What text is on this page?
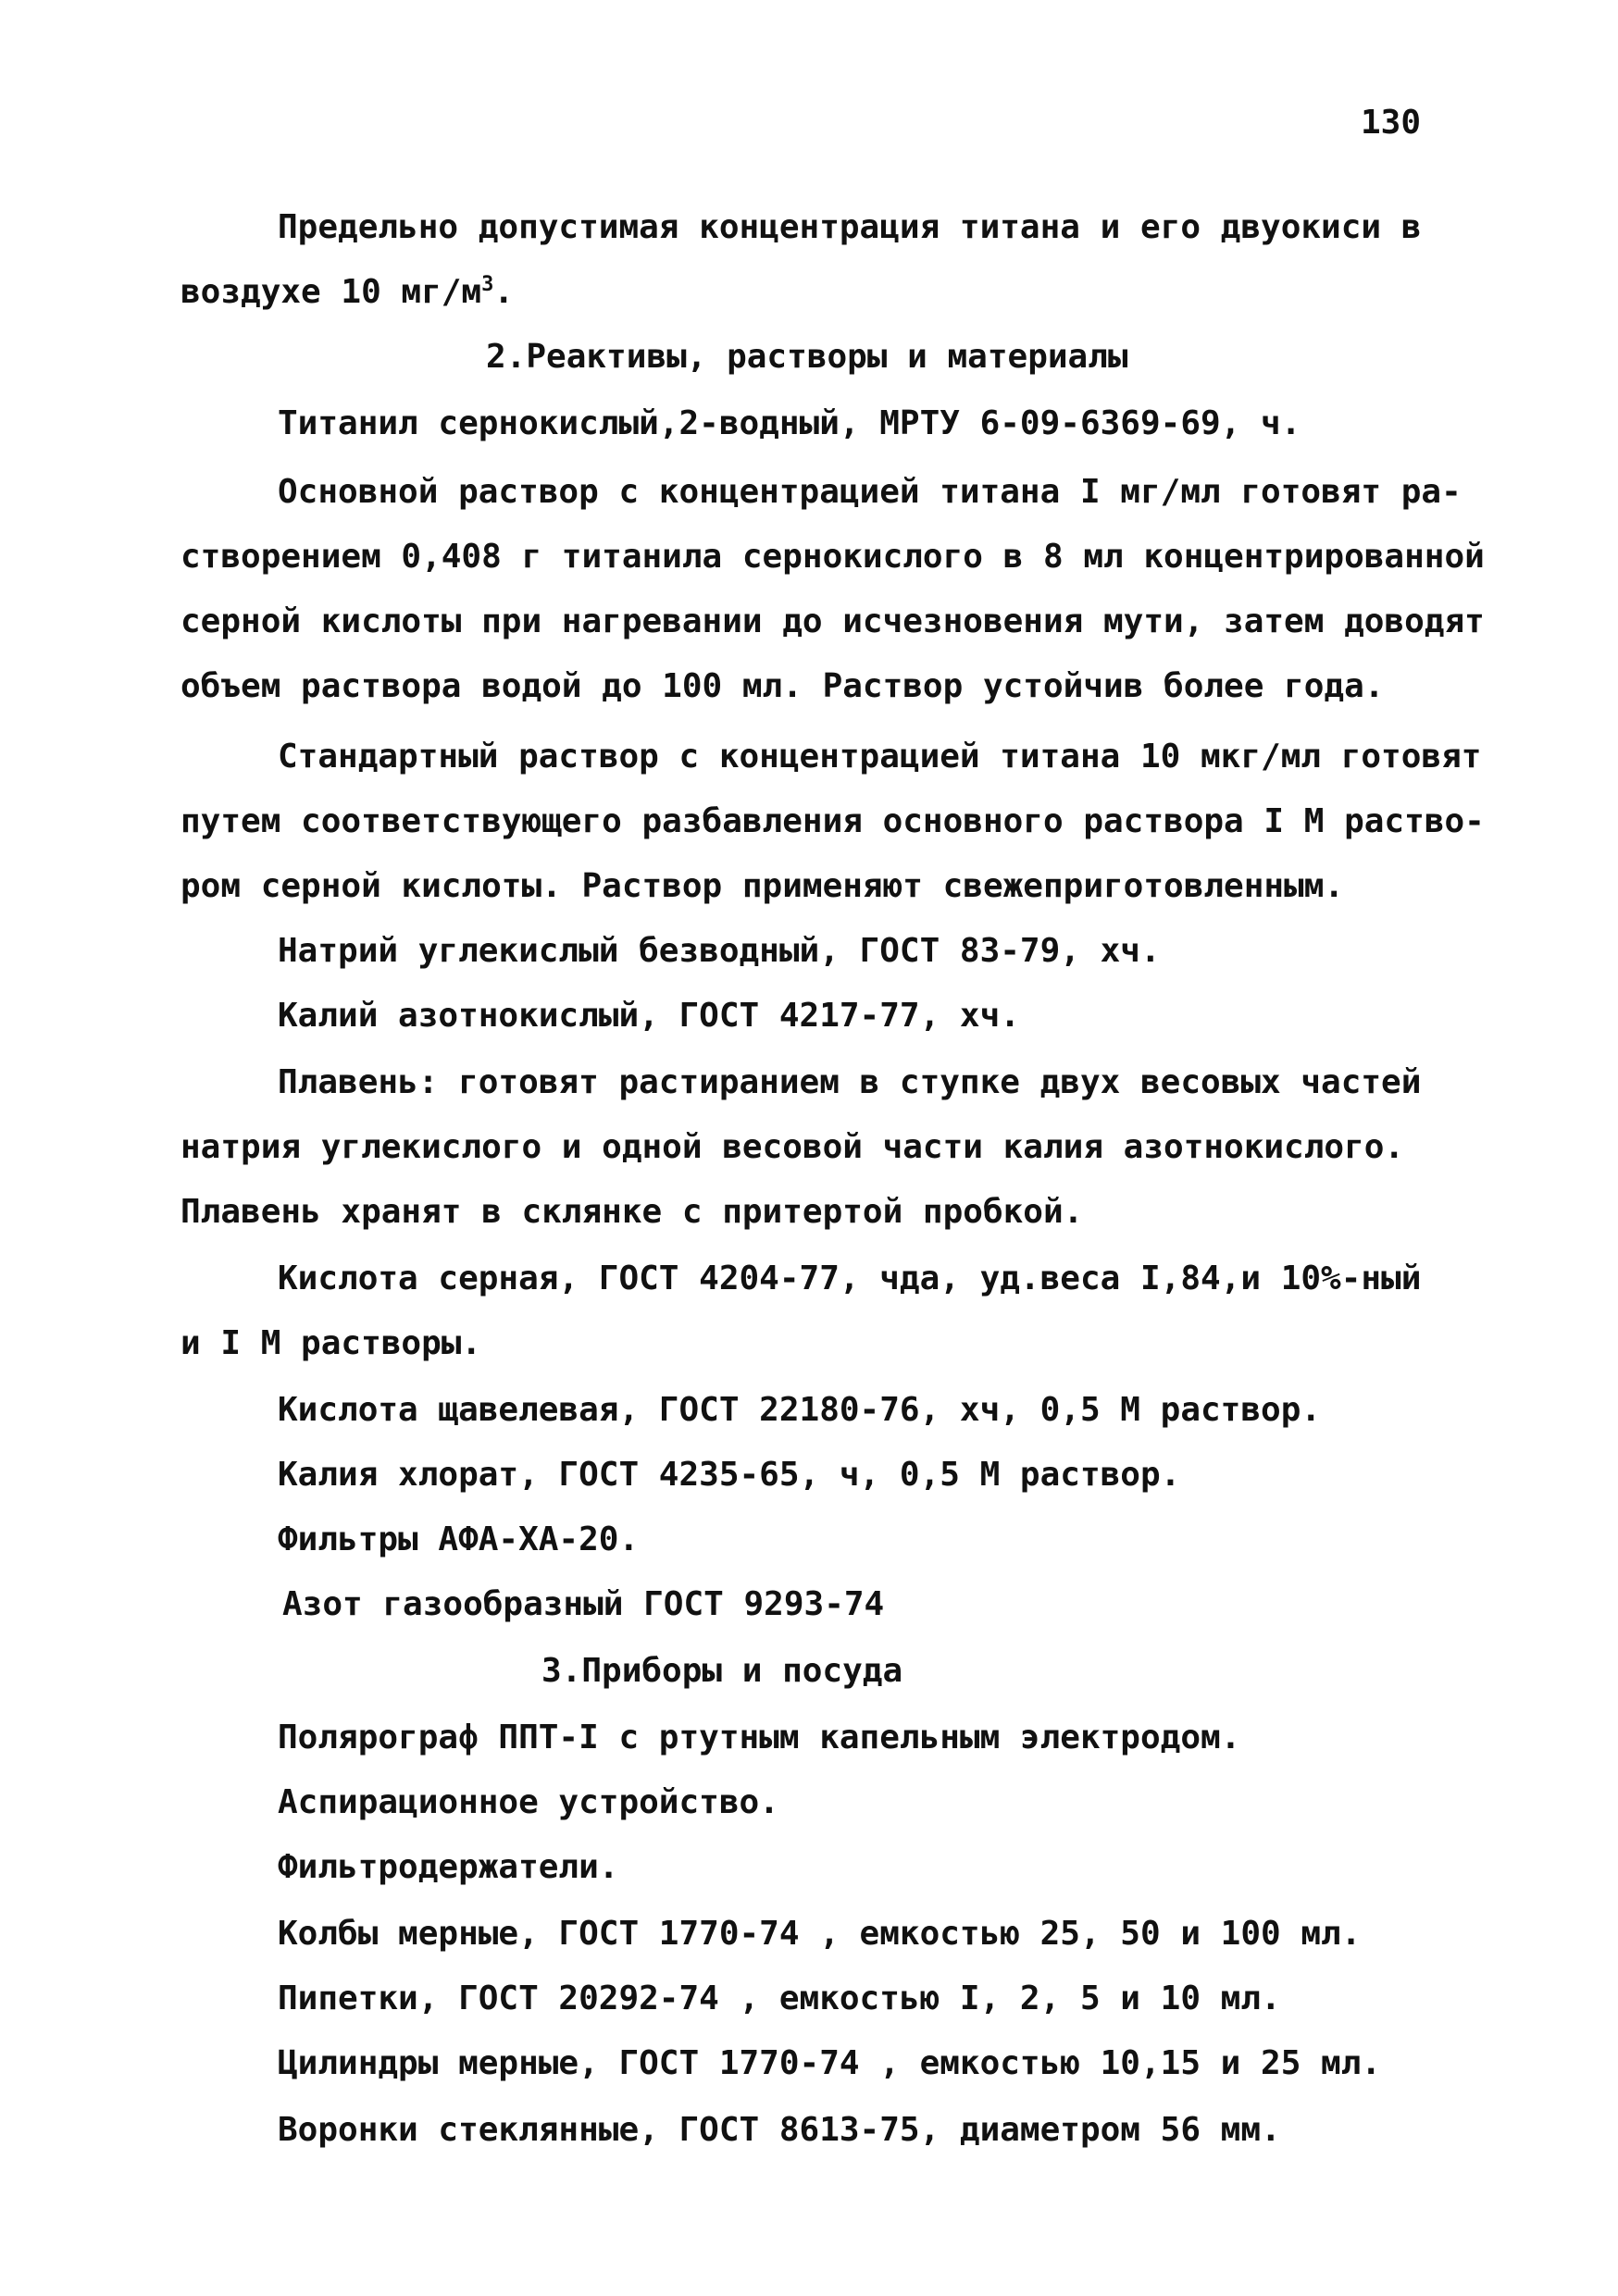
130
Предельно допустимая концентрация титана и его двуокиси в
воздухе 10 $мг/м^3$.
2.Реактивы, растворы и материалы
Титанил сернокислый,2-водный, МРТУ 6-09-6369-69, ч.
Основной раствор с концентрацией титана I мг/мл готовят ра-
створением 0,408 г титанила сернокислого в 8 мл концентрированной
серной кислоты при нагревании до исчезновения мути, затем доводят
объем раствора водой до 100 мл. Раствор устойчив более года.
Стандартный раствор с концентрацией титана 10 мкг/мл готовят
путем соответствующего разбавления основного раствора I М раство-
ром серной кислоты. Раствор применяют свежеприготовленным.
Натрий углекислый безводный, ГОСТ 83-79, хч.
Калий азотнокислый, ГОСТ 4217-77, хч.
Плавень: готовят растиранием в ступке двух весовых частей
натрия углекислого и одной весовой части калия азотнокислого.
Плавень хранят в склянке с притертой пробкой.
Кислота серная, ГОСТ 4204-77, чда, уд.веса I,84,и 10%-ный
и I М растворы.
Кислота щавелевая, ГОСТ 22180-76, хч, 0,5 М раствор.
Калия хлорат, ГОСТ 4235-65, ч, 0,5 М раствор.
Фильтры АФА-ХА-20.
Азот газообразный ГОСТ 9293-74
3.Приборы и посуда
Полярограф ППТ-I с ртутным капельным электродом.
Аспирационное устройство.
Фильтродержатели.
Колбы мерные, ГОСТ 1770-74 , емкостью 25, 50 и 100 мл.
Пипетки, ГОСТ 20292-74 , емкостью I, 2, 5 и 10 мл.
Цилиндры мерные, ГОСТ 1770-74 , емкостью 10,15 и 25 мл.
Воронки стеклянные, ГОСТ 8613-75, диаметром 56 мм.
